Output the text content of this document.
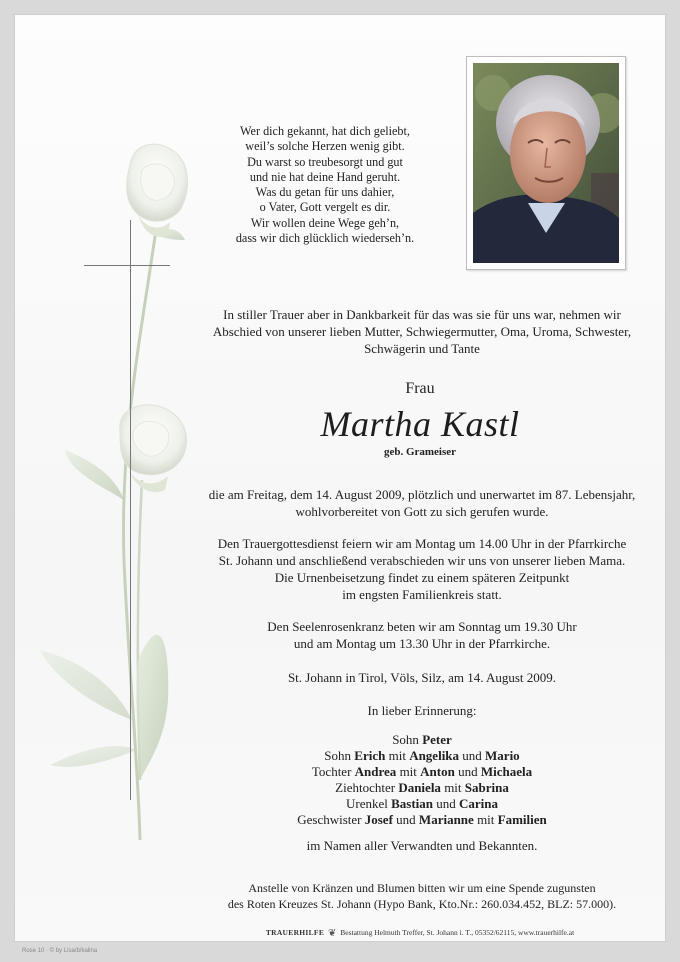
Wer dich gekannt, hat dich geliebt,
weil’s solche Herzen wenig gibt.
Du warst so treubesorgt und gut
und nie hat deine Hand geruht.
Was du getan für uns dahier,
o Vater, Gott vergelt es dir.
Wir wollen deine Wege geh’n,
dass wir dich glücklich wiederseh’n.
In stiller Trauer aber in Dankbarkeit für das was sie für uns war, nehmen wir
Abschied von unserer lieben Mutter, Schwiegermutter, Oma, Uroma, Schwester,
Schwägerin und Tante
Frau
Martha Kastl
geb. Grameiser
die am Freitag, dem 14. August 2009, plötzlich und unerwartet im 87. Lebensjahr,
wohlvorbereitet von Gott zu sich gerufen wurde.
Den Trauergottesdienst feiern wir am Montag um 14.00 Uhr in der Pfarrkirche
St. Johann und anschließend verabschieden wir uns von unserer lieben Mama.
Die Urnenbeisetzung findet zu einem späteren Zeitpunkt
im engsten Familienkreis statt.
Den Seelenrosenkranz beten wir am Sonntag um 19.30 Uhr
und am Montag um 13.30 Uhr in der Pfarrkirche.
St. Johann in Tirol, Völs, Silz, am 14. August 2009.
In lieber Erinnerung:
Sohn Peter
Sohn Erich mit Angelika und Mario
Tochter Andrea mit Anton und Michaela
Ziehtochter Daniela mit Sabrina
Urenkel Bastian und Carina
Geschwister Josef und Marianne mit Familien
im Namen aller Verwandten und Bekannten.
Anstelle von Kränzen und Blumen bitten wir um eine Spende zugunsten
des Roten Kreuzes St. Johann (Hypo Bank, Kto.Nr.: 260.034.452, BLZ: 57.000).
TRAUERHILFE ❦ Bestattung Helmuth Treffer, St. Johann i. T., 05352/62115, www.trauerhilfe.at
Rose 10 · © by Lisa/b/kalina
